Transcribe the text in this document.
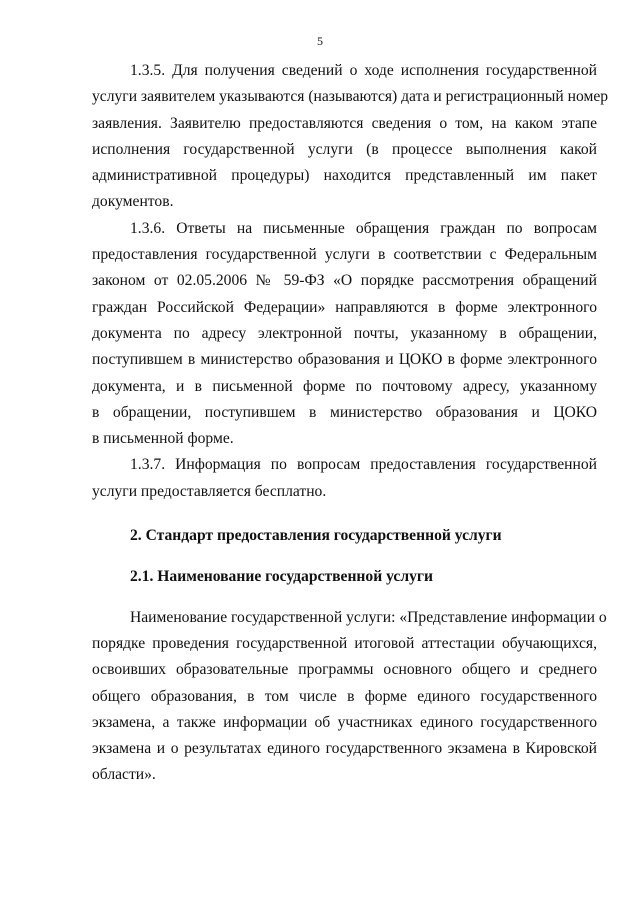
5
1.3.5. Для получения сведений о ходе исполнения государственной
услуги заявителем указываются (называются) дата и регистрационный номер
заявления. Заявителю предоставляются сведения о том, на каком этапе
исполнения государственной услуги (в процессе выполнения какой
административной процедуры) находится представленный им пакет
документов.
1.3.6. Ответы на письменные обращения граждан по вопросам
предоставления государственной услуги в соответствии с Федеральным
законом от 02.05.2006 № 59-ФЗ «О порядке рассмотрения обращений
граждан Российской Федерации» направляются в форме электронного
документа по адресу электронной почты, указанному в обращении,
поступившем в министерство образования и ЦОКО в форме электронного
документа, и в письменной форме по почтовому адресу, указанному
в обращении, поступившем в министерство образования и ЦОКО
в письменной форме.
1.3.7. Информация по вопросам предоставления государственной
услуги предоставляется бесплатно.
2. Стандарт предоставления государственной услуги
2.1. Наименование государственной услуги
Наименование государственной услуги: «Представление информации о
порядке проведения государственной итоговой аттестации обучающихся,
освоивших образовательные программы основного общего и среднего
общего образования, в том числе в форме единого государственного
экзамена, а также информации об участниках единого государственного
экзамена и о результатах единого государственного экзамена в Кировской
области».
